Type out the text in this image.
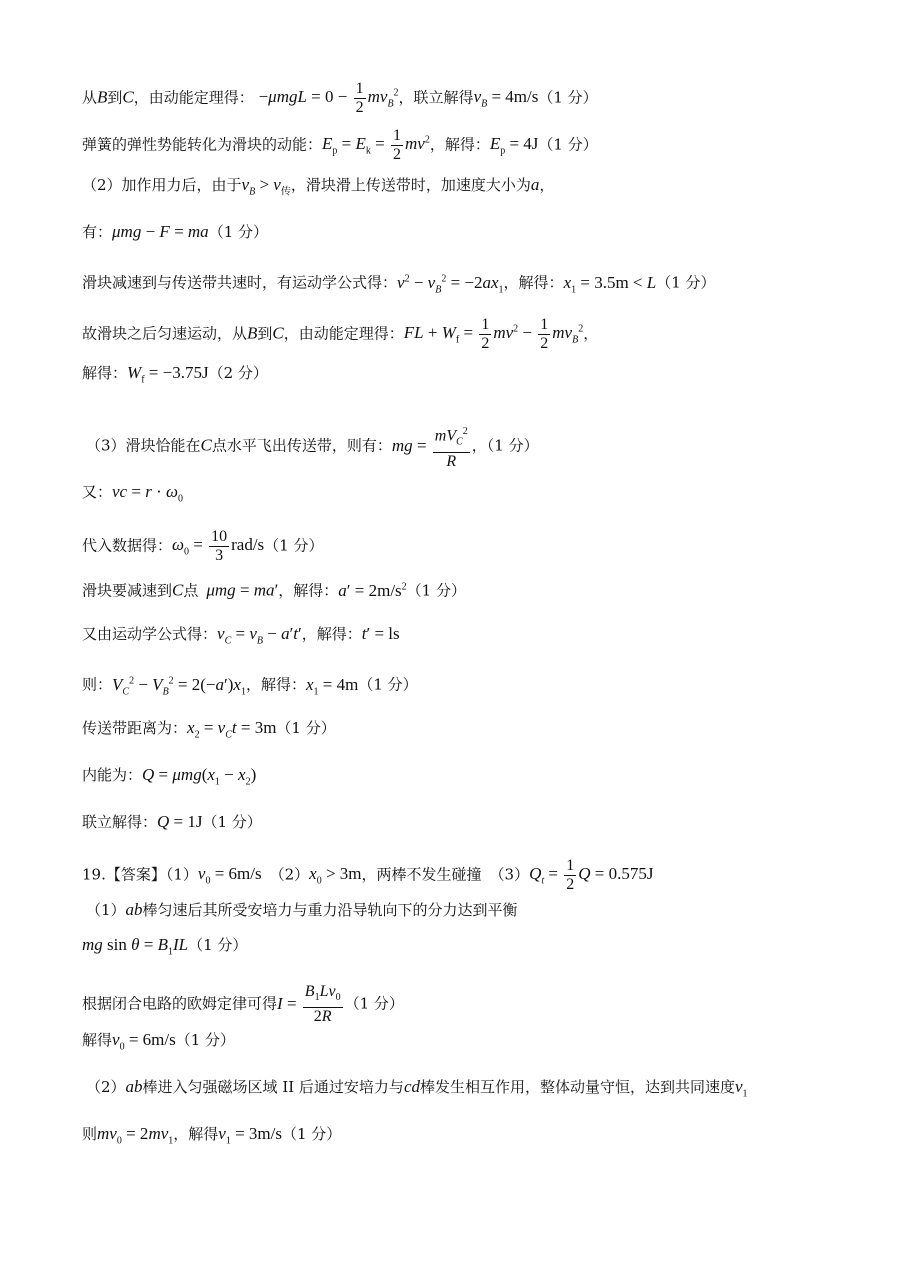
从B到C，由动能定理得： $-\mu mgL = 0 - \frac{1}{2} mv_B^2$，联立解得$v_B = 4m/s(1$ 分）
弹簧的弹性势能转化为滑块的动能：$E_p = E_k = \frac{1}{2} mv^2$，解得：$E_p = 4J(1$ 分）
（2）加作用力后，由于$v_B > v_传$，滑块滑上传送带时，加速度大小为a，
有：μmg − F = ma（1 分）
滑块减速到与传送带共速时，有运动学公式得：$v^2 - v_B^2 = -2ax_1$，解得：$x_1 = 3.5m < L(1$ 分）
故滑块之后匀速运动，从B到C，由动能定理得：FL + $W_f = \frac{1}{2} mv^2 - \frac{1}{2} mv_B^2$，
解得：$W_f = -3.75J(2$ 分）
（3）滑块恰能在C点水平飞出传送带，则有：mg = $\frac{mV_C^2}{R}$ ，（1 分）
又：vc = $r \cdot \omega_0$
代入数据得：$\omega_0 = \frac{10}{3} rad/s(1$ 分）
滑块要减速到C点 μmg = ma′，解得：$a' = 2m/s^2(1$ 分）
又由运动学公式得：$v_C = v_B - a't'$，解得：t′ = ls
则：$V_C^2 - V_B^2 = 2(-a')x_1$，解得：$x_1 = 4m(1$ 分）
传送带距离为：$x_2 = v_Ct = 3m(1$ 分）
内能为：$Q = \mu mg(x_1 - x_2)$
联立解得：Q = 1J（1 分）
19.【答案】$(1)v_0 = 6m/s$ $(2)x_0 > 3m$，两棒不发生碰撞 $(3)Q_t = \frac{1}{2}$ Q = 0.575J
（1）ab棒匀速后其所受安培力与重力沿导轨向下的分力达到平衡
mg $\sin \theta = B_1IL(1$ 分）
根据闭合电路的欧姆定律可得$I = \frac{B_1Lv_0}{2R} (1$ 分）
解得$v_0 = 6m/s(1$ 分）
（2）ab棒进入匀强磁场区域 II 后通过安培力与cd棒发生相互作用，整体动量守恒，达到共同速度$v_1$
则$mv_0 = 2mv_1$，解得$v_1 = 3m/s(1$ 分）
